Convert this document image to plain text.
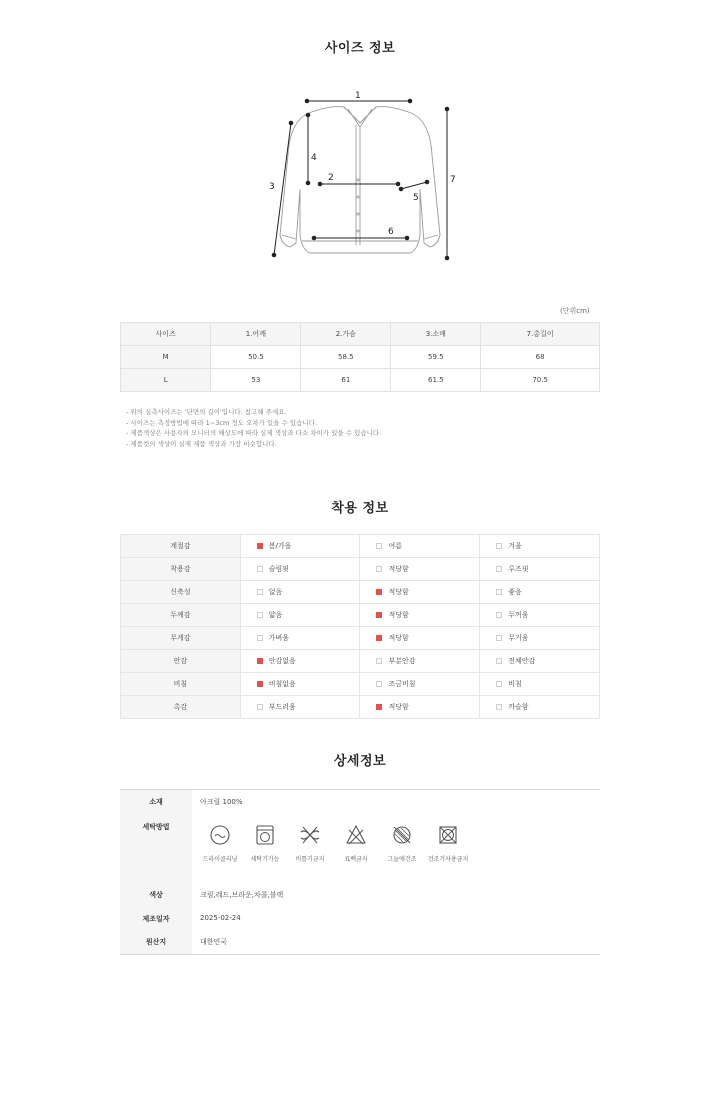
사이즈 정보
1
2
3
4
5
6
7
(단위cm)
사이즈	1.어깨	2.가슴	3.소매	7.총길이
M	50.5	58.5	59.5	68
L	53	61	61.5	70.5
- 위의 실측사이즈는 '단면의 길이'입니다. 참고해 주세요.
- 사이즈는 측정방법에 따라 1~3cm 정도 오차가 있을 수 있습니다.
- 제품색상은 사용자의 모니터의 해상도에 따라 실제 색상과 다소 차이가 있을 수 있습니다.
- 제품컷의 색상이 실제 제품 색상과 가장 비슷합니다.
착용 정보
계절감	봄/가을	여름	겨울
착용감	슬림핏	적당함	루즈핏
신축성	없음	적당함	좋음
두께감	얇음	적당함	두꺼움
무게감	가벼움	적당함	무거움
안감	안감없음	부분안감	전체안감
비침	비침없음	조금비침	비침
촉감	부드러움	적당함	까슬함
상세정보
소재	아크릴 100%
세탁방법
드라이클리닝	세탁기가능	비틀기금지	표백금지	그늘에건조	건조기사용금지
색상	크림,레드,브라운,차콜,블랙
제조일자	2025-02-24
원산지	대한민국
